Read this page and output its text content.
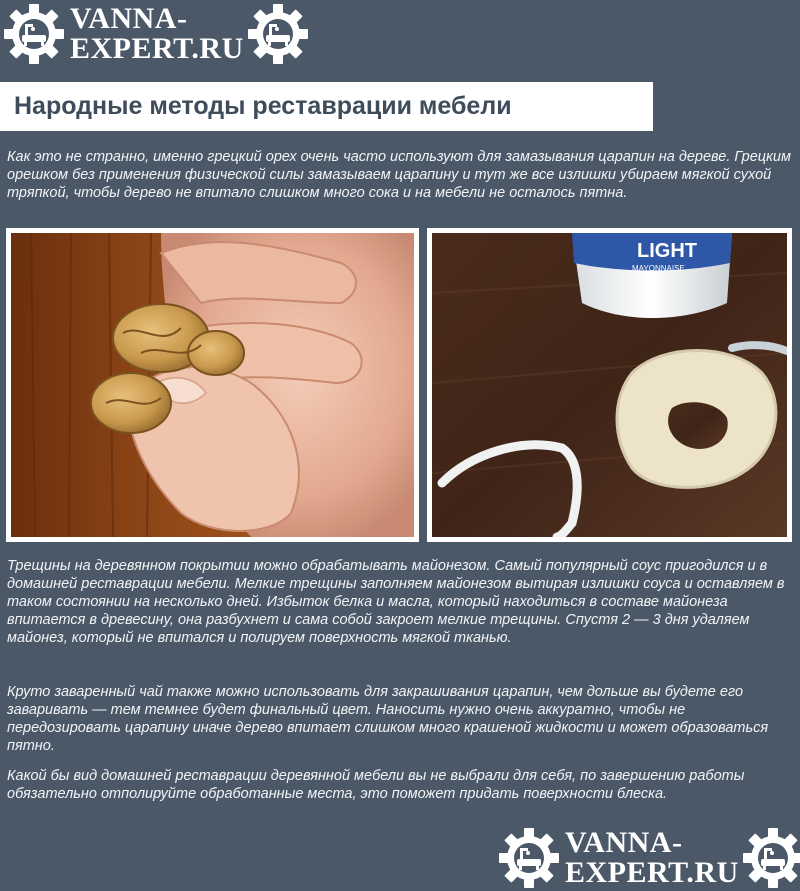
VANNA-
EXPERT.RU
Народные методы реставрации мебели

Как это не странно, именно грецкий орех очень часто используют для замазывания царапин на дереве. Грецким орешком без применения физической силы замазываем царапину и тут же все излишки убираем мягкой сухой тряпкой, чтобы дерево не впитало слишком много сока и на мебели не осталось пятна.

LIGHT
MAYONNAISE

Трещины на деревянном покрытии можно обрабатывать майонезом. Самый популярный соус пригодился и в домашней реставрации мебели. Мелкие трещины заполняем майонезом вытирая излишки соуса и оставляем в таком состоянии на несколько дней. Избыток белка и масла, который находиться в составе майонеза впитается в древесину, она разбухнет и сама собой закроет мелкие трещины. Спустя 2 — 3 дня удаляем майонез, который не впитался и полируем поверхность мягкой тканью.

Круто заваренный чай также можно использовать для закрашивания царапин, чем дольше вы будете его заваривать — тем темнее будет финальный цвет. Наносить нужно очень аккуратно, чтобы не передозировать царапину иначе дерево впитает слишком много крашеной жидкости и может образоваться пятно.

Какой бы вид домашней реставрации деревянной мебели вы не выбрали для себя, по завершению работы обязательно отполируйте обработанные места, это поможет придать поверхности блеска.

VANNA-
EXPERT.RU
